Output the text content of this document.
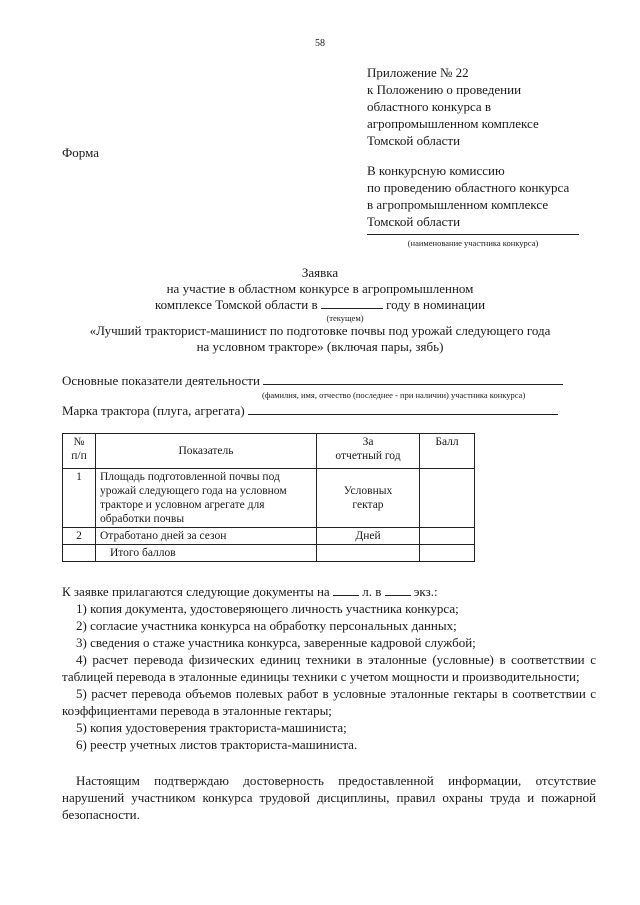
58
Приложение № 22
к Положению о проведении
областного конкурса в
агропромышленном комплексе
Томской области
Форма
В конкурсную комиссию
по проведению областного конкурса
в агропромышленном комплексе
Томской области
(наименование участника конкурса)
Заявка
на участие в областном конкурсе в агропромышленном
комплексе Томской области в	году в номинации
(текущем)
«Лучший тракторист-машинист по подготовке почвы под урожай следующего года
на условном тракторе» (включая пары, зябь)
Основные показатели деятельности
(фамилия, имя, отчество (последнее - при наличии) участника конкурса)
Марка трактора (плуга, агрегата)
№
п/п	Показатель	За
отчетный год	Балл
1	Площадь подготовленной почвы под урожай следующего года на условном тракторе и условном агрегате для обработки почвы	Условных
гектар	
2	Отработано дней за сезон	Дней	
	Итого баллов		

К заявке прилагаются следующие документы на	л. в	экз.:

1) копия документа, удостоверяющего личность участника конкурса;

2) согласие участника конкурса на обработку персональных данных;

3) сведения о стаже участника конкурса, заверенные кадровой службой;

4) расчет перевода физических единиц техники в эталонные (условные) в соответствии с таблицей перевода в эталонные единицы техники с учетом мощности и производительности;

5) расчет перевода объемов полевых работ в условные эталонные гектары в соответствии с коэффициентами перевода в эталонные гектары;

5) копия удостоверения тракториста-машиниста;

6) реестр учетных листов тракториста-машиниста.

Настоящим подтверждаю достоверность предоставленной информации, отсутствие нарушений участником конкурса трудовой дисциплины, правил охраны труда и пожарной безопасности.
